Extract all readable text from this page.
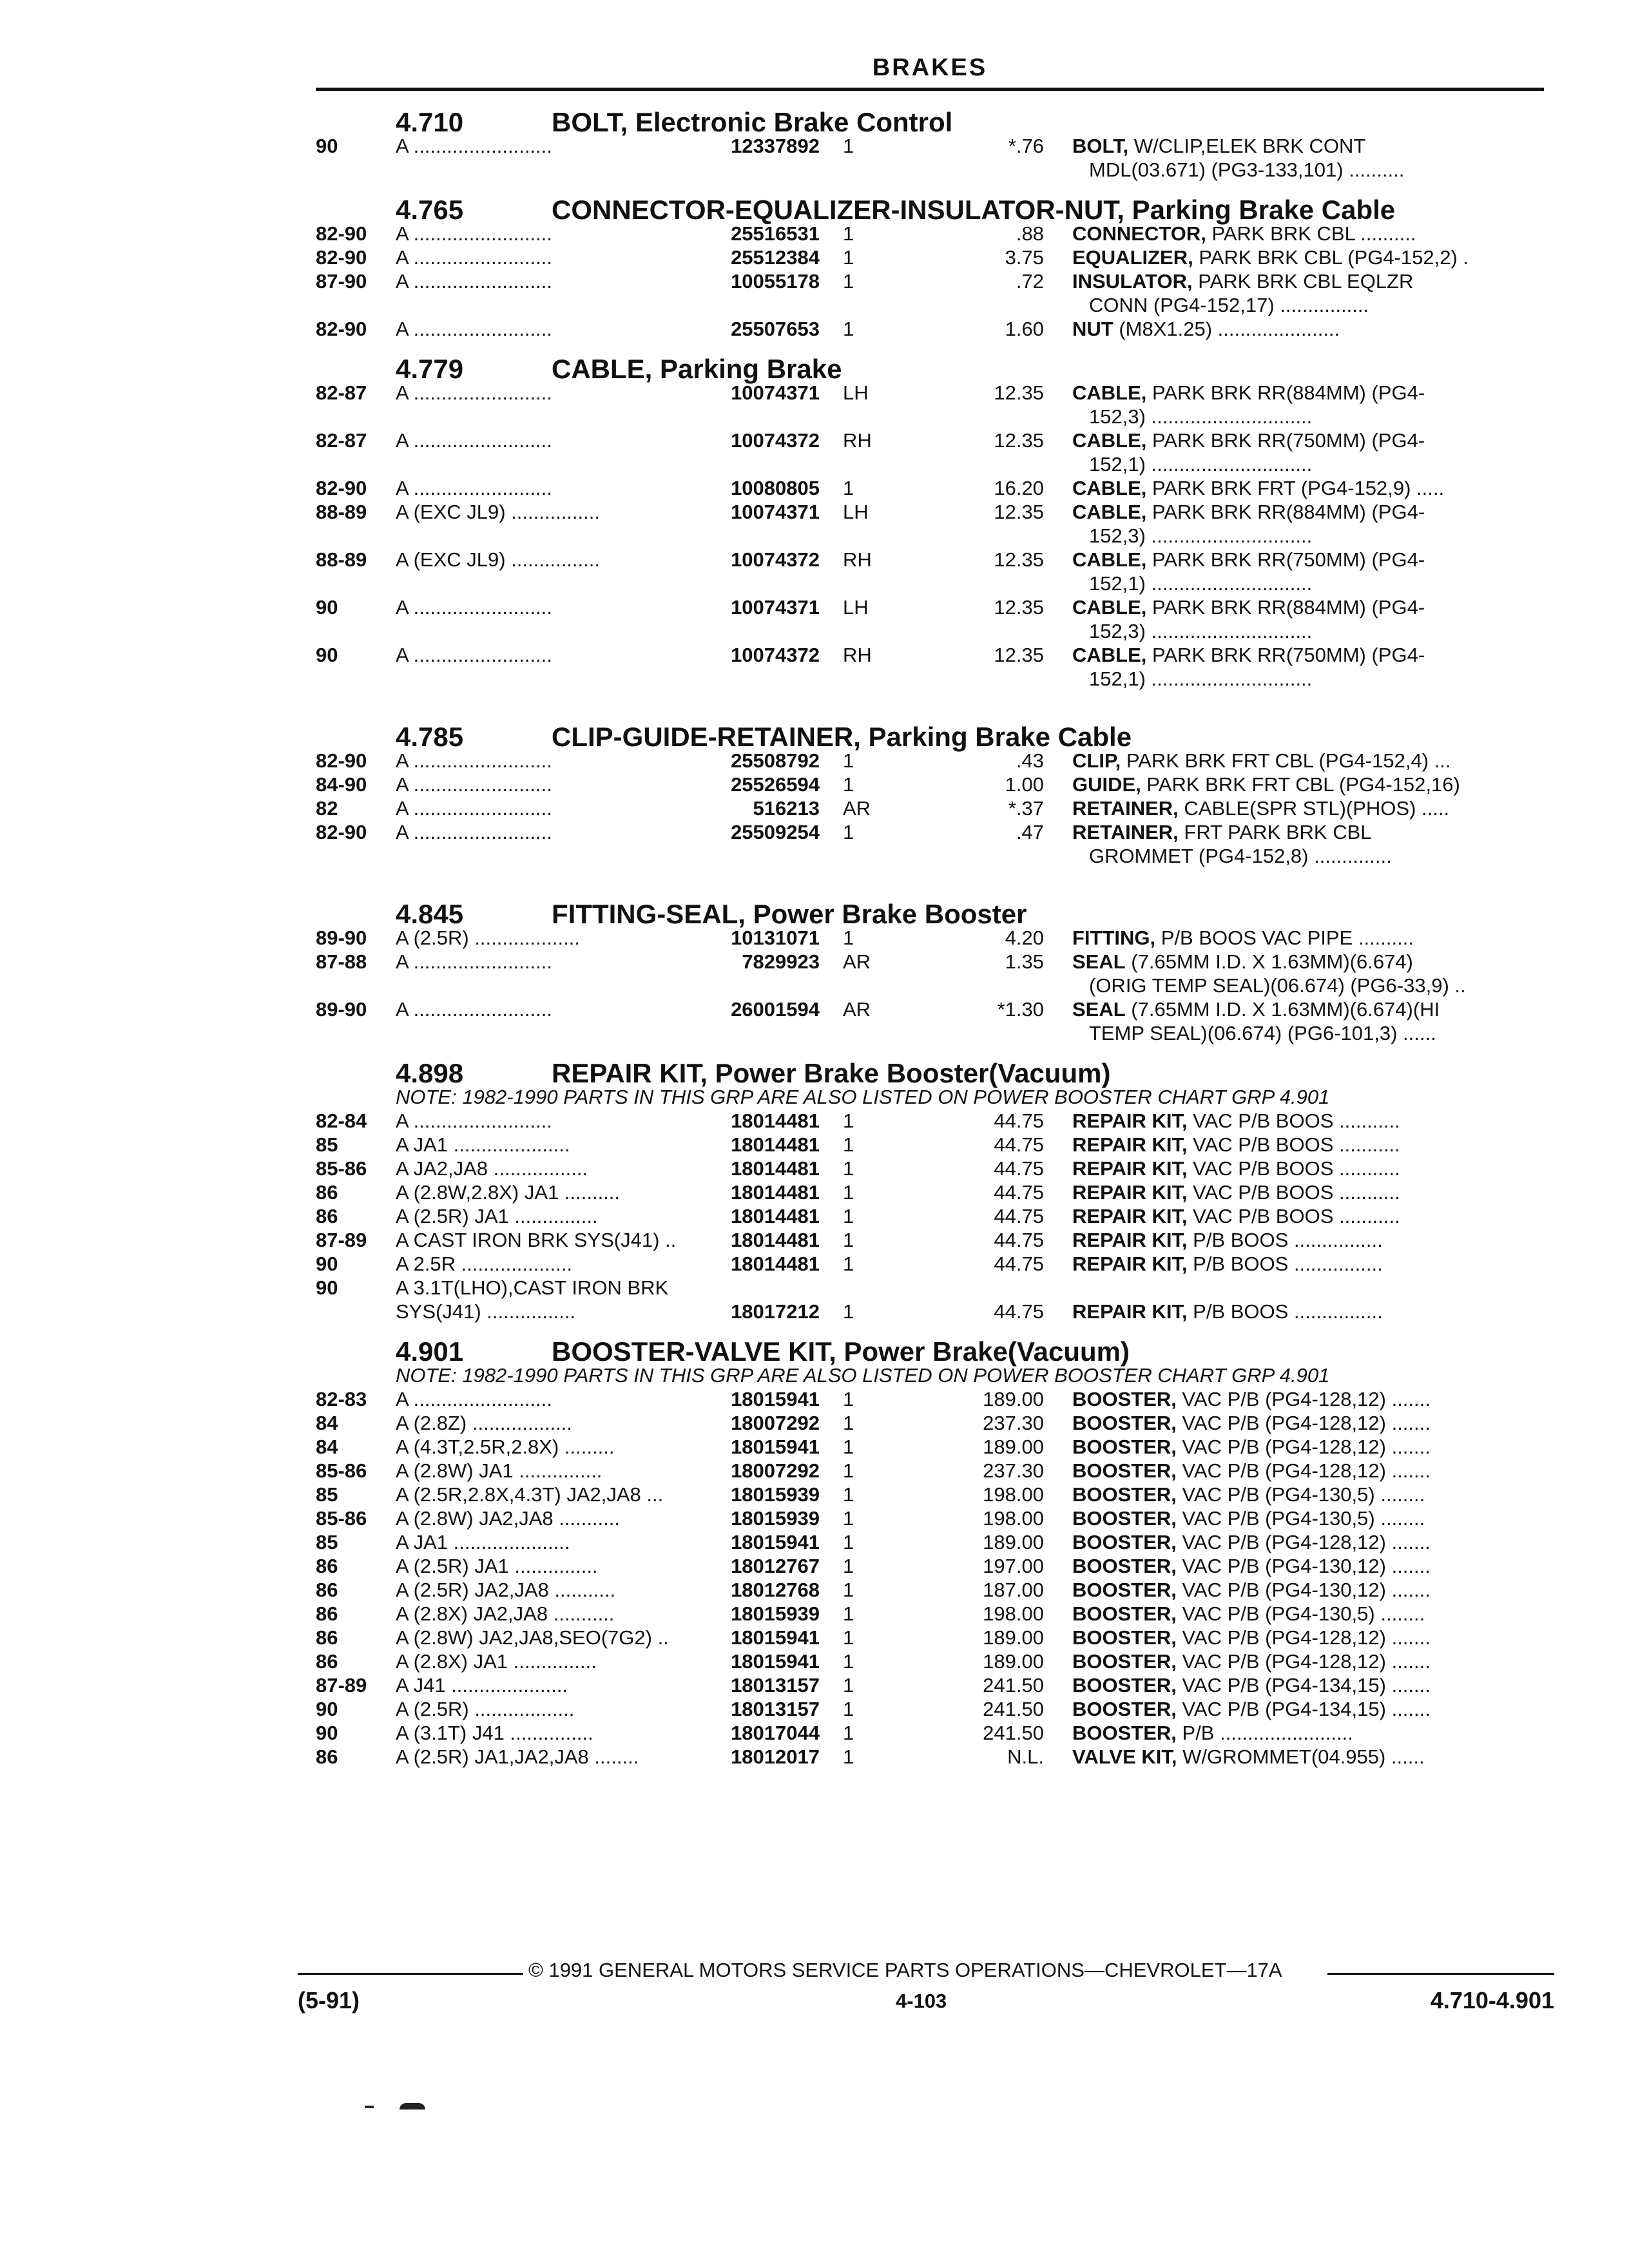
BRAKES
4.710	BOLT, Electronic Brake Control
90	A .........................	12337892 1	*.76 BOLT, W/CLIP,ELEK BRK CONT
MDL(03.671) (PG3-133,101) ..........
4.765	CONNECTOR-EQUALIZER-INSULATOR-NUT, Parking Brake Cable
82-90 A .........................	25516531 1	.88 CONNECTOR, PARK BRK CBL ..........
82-90 A .........................	25512384 1	3.75 EQUALIZER, PARK BRK CBL (PG4-152,2) .
87-90 A .........................	10055178 1	.72 INSULATOR, PARK BRK CBL EQLZR
CONN (PG4-152,17) ................
82-90 A .........................	25507653 1	1.60 NUT (M8X1.25) ......................
4.779	CABLE, Parking Brake
82-87 A .........................	10074371 LH	12.35 CABLE, PARK BRK RR(884MM) (PG4-
152,3) .............................
82-87 A .........................	10074372 RH	12.35 CABLE, PARK BRK RR(750MM) (PG4-
152,1) .............................
82-90 A .........................	10080805 1	16.20 CABLE, PARK BRK FRT (PG4-152,9) .....
88-89 A (EXC JL9) ................	10074371 LH	12.35 CABLE, PARK BRK RR(884MM) (PG4-
152,3) .............................
88-89 A (EXC JL9) ................	10074372 RH	12.35 CABLE, PARK BRK RR(750MM) (PG4-
152,1) .............................
90	A .........................	10074371 LH	12.35 CABLE, PARK BRK RR(884MM) (PG4-
152,3) .............................
90	A .........................	10074372 RH	12.35 CABLE, PARK BRK RR(750MM) (PG4-
152,1) .............................
4.785	CLIP-GUIDE-RETAINER, Parking Brake Cable
82-90 A .........................	25508792 1	.43 CLIP, PARK BRK FRT CBL (PG4-152,4) ...
84-90 A .........................	25526594 1	1.00 GUIDE, PARK BRK FRT CBL (PG4-152,16)
82	A .........................	516213 AR	*.37 RETAINER, CABLE(SPR STL)(PHOS) .....
82-90 A .........................	25509254 1	.47 RETAINER, FRT PARK BRK CBL
GROMMET (PG4-152,8) ..............
4.845	FITTING-SEAL, Power Brake Booster
89-90 A (2.5R) ...................	10131071 1	4.20 FITTING, P/B BOOS VAC PIPE ..........
87-88 A .........................	7829923 AR	1.35 SEAL (7.65MM I.D. X 1.63MM)(6.674)
(ORIG TEMP SEAL)(06.674) (PG6-33,9) ..
89-90 A .........................	26001594 AR	*1.30 SEAL (7.65MM I.D. X 1.63MM)(6.674)(HI
TEMP SEAL)(06.674) (PG6-101,3) ......
4.898	REPAIR KIT, Power Brake Booster(Vacuum)
NOTE: 1982-1990 PARTS IN THIS GRP ARE ALSO LISTED ON POWER BOOSTER CHART GRP 4.901
82-84 A .........................	18014481 1	44.75 REPAIR KIT, VAC P/B BOOS ...........
85	A JA1 .....................	18014481 1	44.75 REPAIR KIT, VAC P/B BOOS ...........
85-86 A JA2,JA8 .................	18014481 1	44.75 REPAIR KIT, VAC P/B BOOS ...........
86	A (2.8W,2.8X) JA1 ..........	18014481 1	44.75 REPAIR KIT, VAC P/B BOOS ...........
86	A (2.5R) JA1 ...............	18014481 1	44.75 REPAIR KIT, VAC P/B BOOS ...........
87-89 A CAST IRON BRK SYS(J41) ..	18014481 1	44.75 REPAIR KIT, P/B BOOS ................
90	A 2.5R ....................	18014481 1	44.75 REPAIR KIT, P/B BOOS ................
90	A 3.1T(LHO),CAST IRON BRK
SYS(J41) ................	18017212 1	44.75 REPAIR KIT, P/B BOOS ................
4.901	BOOSTER-VALVE KIT, Power Brake(Vacuum)
NOTE: 1982-1990 PARTS IN THIS GRP ARE ALSO LISTED ON POWER BOOSTER CHART GRP 4.901
82-83 A .........................	18015941 1	189.00 BOOSTER, VAC P/B (PG4-128,12) .......
84	A (2.8Z) ..................	18007292 1	237.30 BOOSTER, VAC P/B (PG4-128,12) .......
84	A (4.3T,2.5R,2.8X) .........	18015941 1	189.00 BOOSTER, VAC P/B (PG4-128,12) .......
85-86 A (2.8W) JA1 ...............	18007292 1	237.30 BOOSTER, VAC P/B (PG4-128,12) .......
85	A (2.5R,2.8X,4.3T) JA2,JA8 ...	18015939 1	198.00 BOOSTER, VAC P/B (PG4-130,5) ........
85-86 A (2.8W) JA2,JA8 ...........	18015939 1	198.00 BOOSTER, VAC P/B (PG4-130,5) ........
85	A JA1 .....................	18015941 1	189.00 BOOSTER, VAC P/B (PG4-128,12) .......
86	A (2.5R) JA1 ...............	18012767 1	197.00 BOOSTER, VAC P/B (PG4-130,12) .......
86	A (2.5R) JA2,JA8 ...........	18012768 1	187.00 BOOSTER, VAC P/B (PG4-130,12) .......
86	A (2.8X) JA2,JA8 ...........	18015939 1	198.00 BOOSTER, VAC P/B (PG4-130,5) ........
86	A (2.8W) JA2,JA8,SEO(7G2) ..	18015941 1	189.00 BOOSTER, VAC P/B (PG4-128,12) .......
86	A (2.8X) JA1 ...............	18015941 1	189.00 BOOSTER, VAC P/B (PG4-128,12) .......
87-89 A J41 .....................	18013157 1	241.50 BOOSTER, VAC P/B (PG4-134,15) .......
90	A (2.5R) ..................	18013157 1	241.50 BOOSTER, VAC P/B (PG4-134,15) .......
90	A (3.1T) J41 ...............	18017044 1	241.50 BOOSTER, P/B ........................
86	A (2.5R) JA1,JA2,JA8 ........	18012017 1	N.L. VALVE KIT, W/GROMMET(04.955) ......
© 1991 GENERAL MOTORS SERVICE PARTS OPERATIONS—CHEVROLET—17A
(5-91)	4-103	4.710-4.901
